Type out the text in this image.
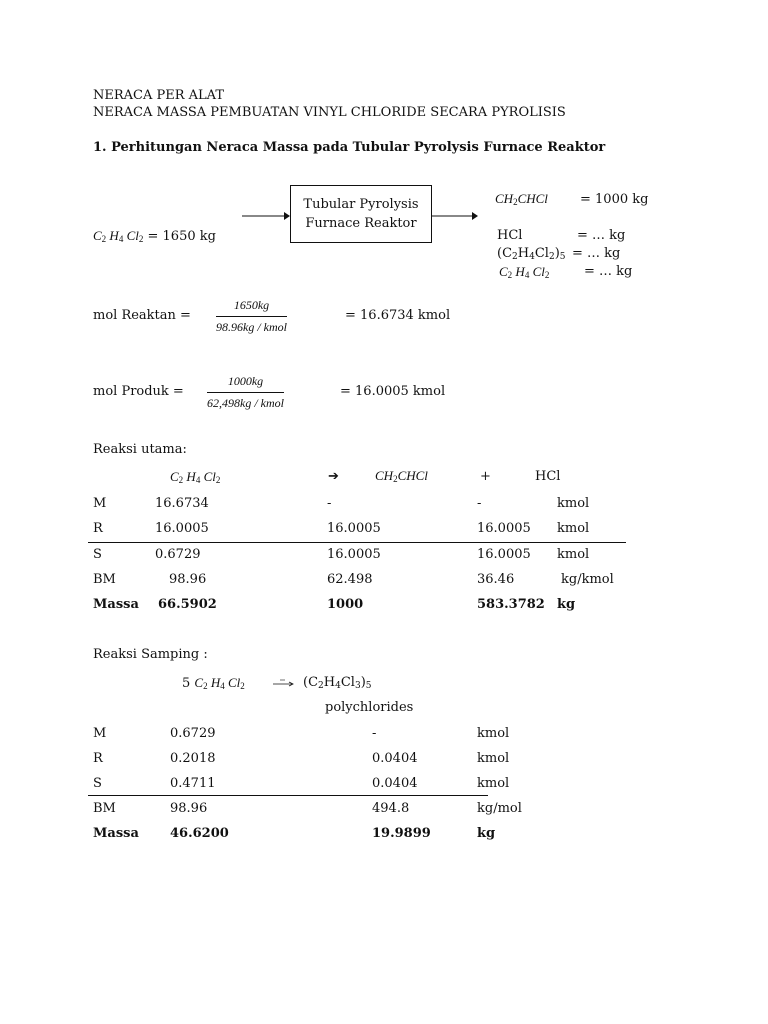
NERACA PER ALAT
NERACA MASSA PEMBUATAN VINYL CHLORIDE SECARA PYROLISIS
1. Perhitungan Neraca Massa pada Tubular Pyrolysis Furnace Reaktor
Tubular Pyrolysis
Furnace Reaktor
$C_2$ $H_4$ $Cl_2 = 1650$ kg
$CH_2CHCl = 1000$ kg
HCl	= … kg
$(C_2H_4Cl_2)_5$ = … kg
$C_2$ $H_4$ $Cl_2$	= … kg
mol Reaktan =
1650kg
98.96kg / kmol
= 16.6734 kmol
mol Produk =
1000kg
62,498kg / kmol
= 16.0005 kmol
Reaksi utama:
$C_2$ $H_4$ $Cl_2$	➔	$CH_2CHCl$	+	HCl
M	16.6734	-	-	kmol
R	16.0005	16.0005	16.0005 kmol
S	0.6729	16.0005	16.0005 kmol
BM	98.96	62.498	36.46	kg/kmol
Massa 66.5902	1000	583.3782 kg
Reaksi Samping :
5 $C_2$ $H_4$ $Cl_2$	$(C_2H_4Cl_3)_5$
polychlorides
M	0.6729	-	kmol
R	0.2018	0.0404	kmol
S	0.4711	0.0404	kmol
BM	98.96	494.8	kg/mol
Massa 46.6200	19.9899	kg
